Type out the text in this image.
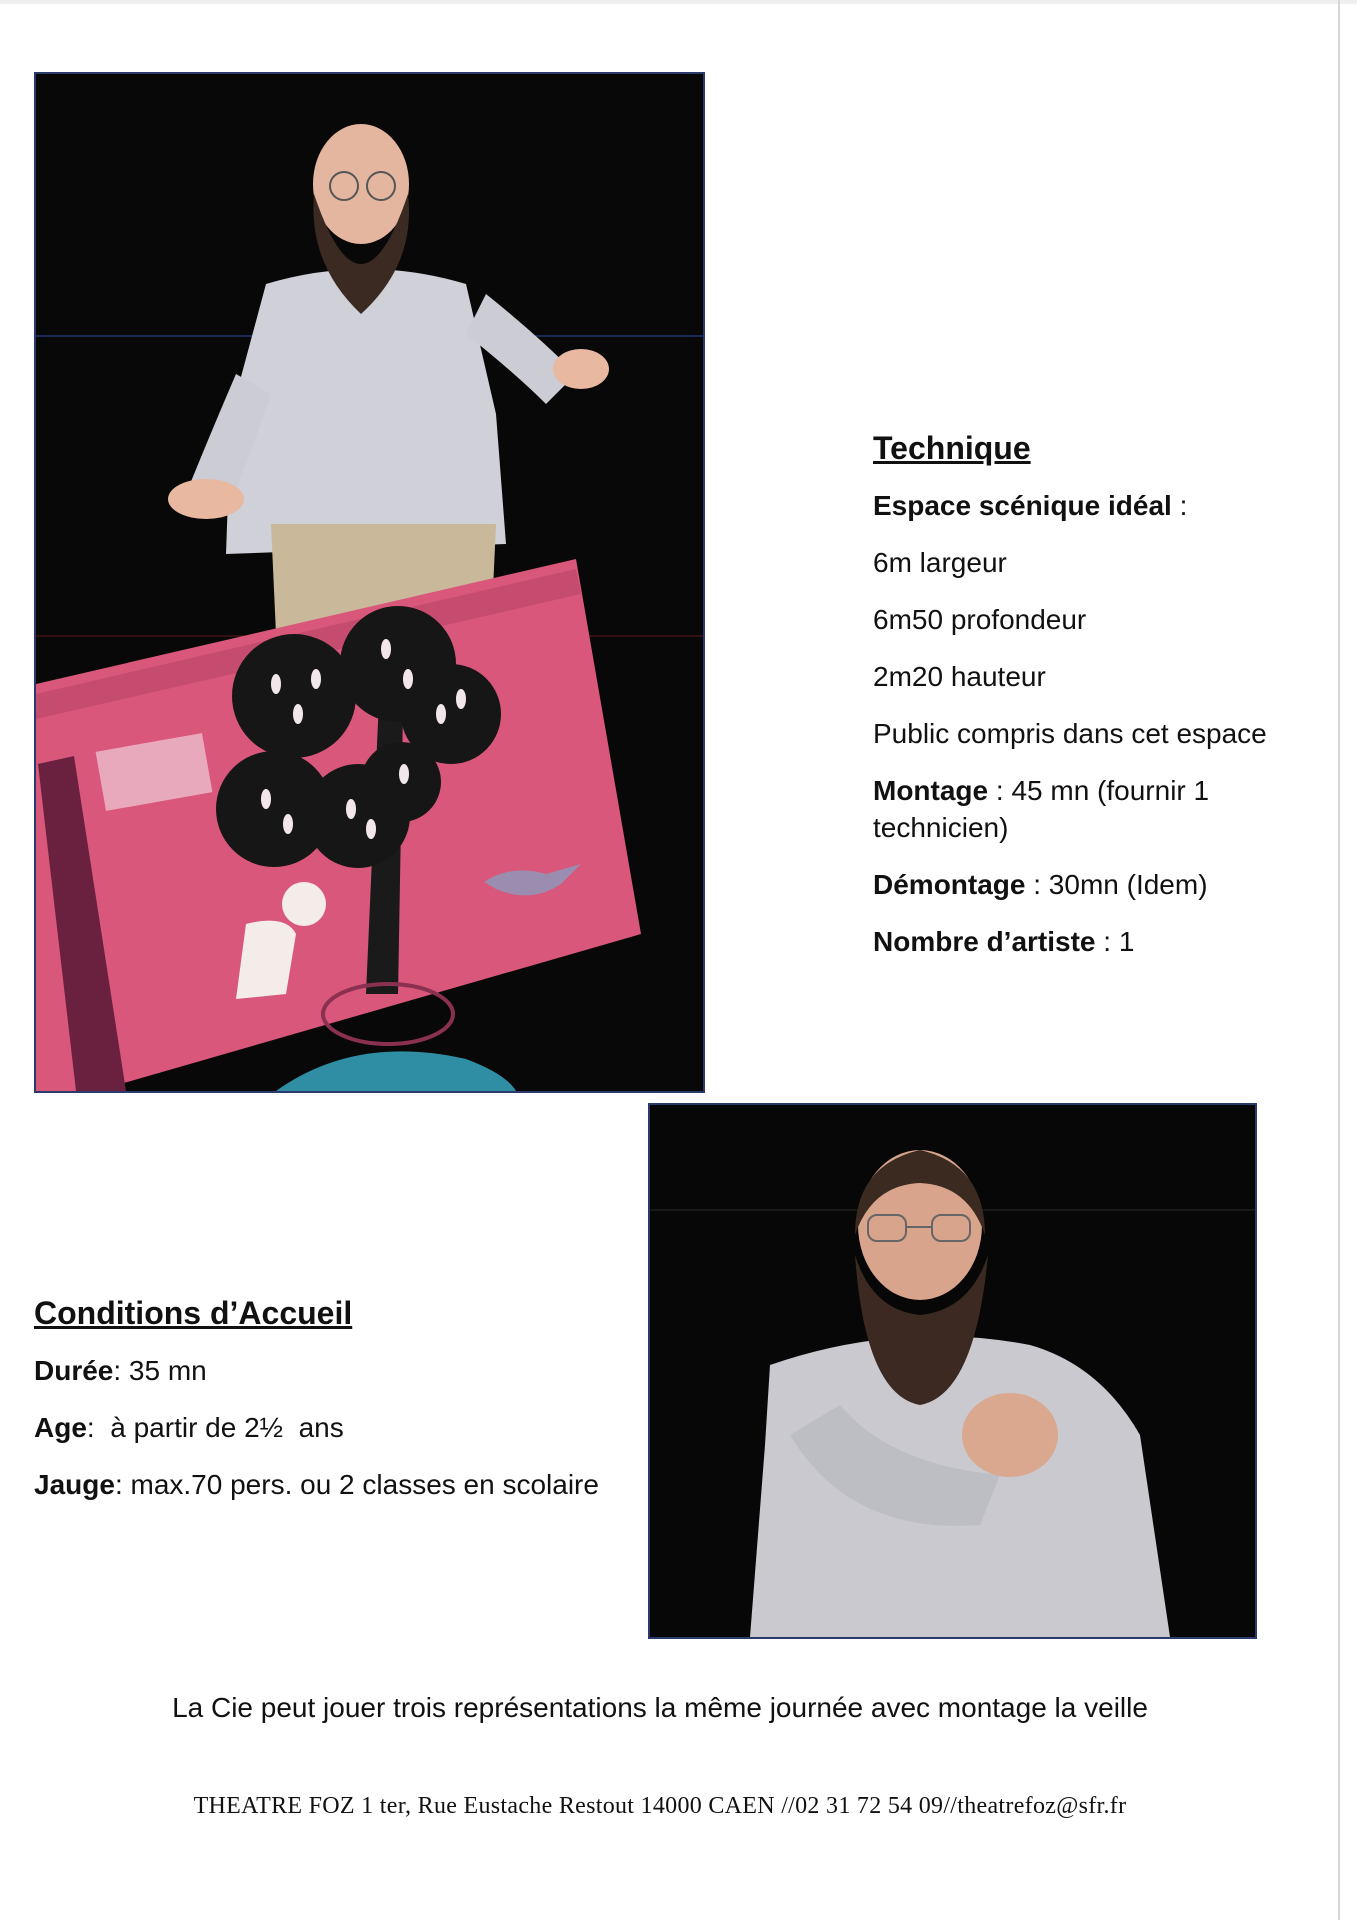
Technique
Espace scénique idéal :
6m largeur
6m50 profondeur
2m20 hauteur
Public compris dans cet espace
Montage : 45 mn (fournir 1 technicien)
Démontage : 30mn (Idem)
Nombre d’artiste : 1
Conditions d’Accueil
Durée: 35 mn
Age:  à partir de 2½  ans
Jauge: max.70 pers. ou 2 classes en scolaire
La Cie peut jouer trois représentations la même journée avec montage la veille
THEATRE FOZ 1 ter, Rue Eustache Restout 14000 CAEN //02 31 72 54 09//theatrefoz@sfr.fr
